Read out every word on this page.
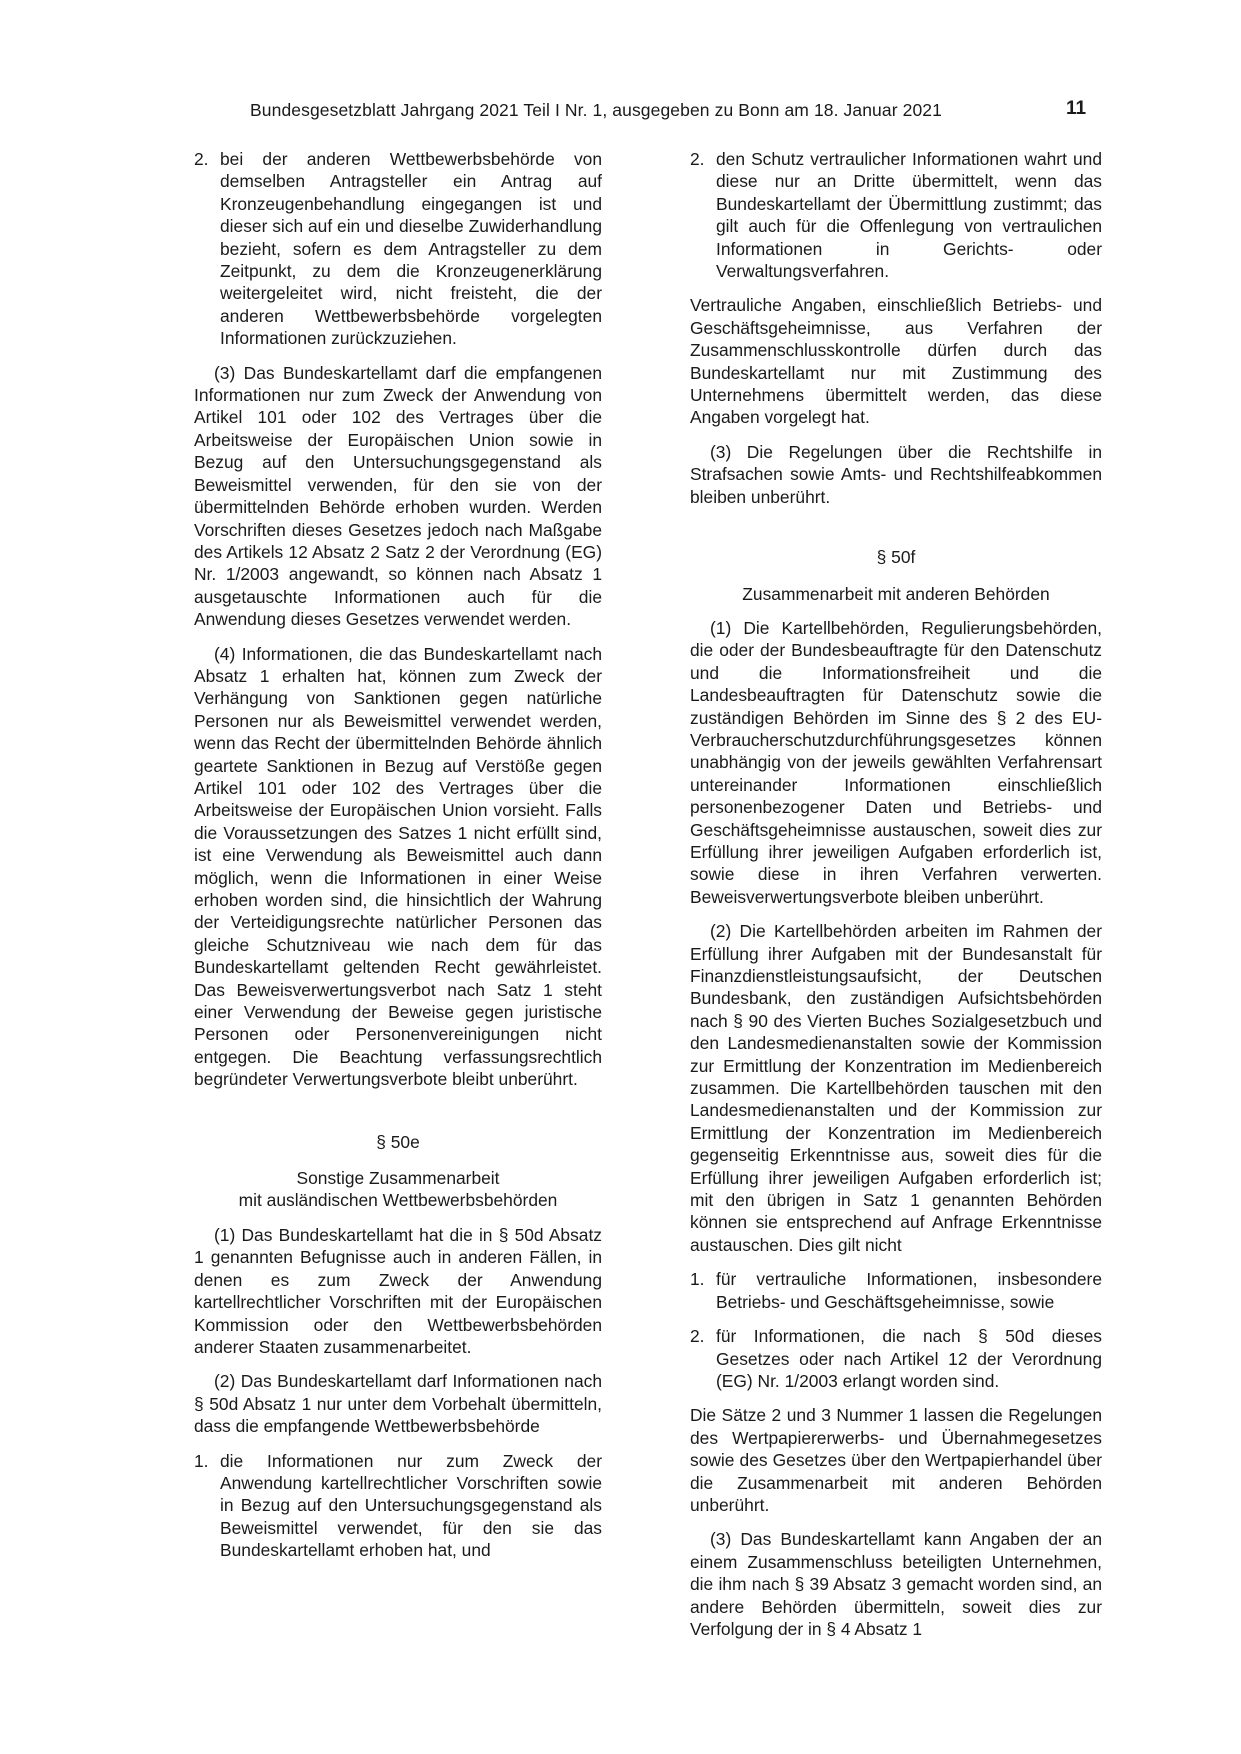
Bundesgesetzblatt Jahrgang 2021 Teil I Nr. 1, ausgegeben zu Bonn am 18. Januar 2021	11
2. bei der anderen Wettbewerbsbehörde von demselben Antragsteller ein Antrag auf Kronzeugenbehandlung eingegangen ist und dieser sich auf ein und dieselbe Zuwiderhandlung bezieht, sofern es dem Antragsteller zu dem Zeitpunkt, zu dem die Kronzeugenerklärung weitergeleitet wird, nicht freisteht, die der anderen Wettbewerbsbehörde vorgelegten Informationen zurückzuziehen.

(3) Das Bundeskartellamt darf die empfangenen Informationen nur zum Zweck der Anwendung von Artikel 101 oder 102 des Vertrages über die Arbeitsweise der Europäischen Union sowie in Bezug auf den Untersuchungsgegenstand als Beweismittel verwenden, für den sie von der übermittelnden Behörde erhoben wurden. Werden Vorschriften dieses Gesetzes jedoch nach Maßgabe des Artikels 12 Absatz 2 Satz 2 der Verordnung (EG) Nr. 1/2003 angewandt, so können nach Absatz 1 ausgetauschte Informationen auch für die Anwendung dieses Gesetzes verwendet werden.

(4) Informationen, die das Bundeskartellamt nach Absatz 1 erhalten hat, können zum Zweck der Verhängung von Sanktionen gegen natürliche Personen nur als Beweismittel verwendet werden, wenn das Recht der übermittelnden Behörde ähnlich geartete Sanktionen in Bezug auf Verstöße gegen Artikel 101 oder 102 des Vertrages über die Arbeitsweise der Europäischen Union vorsieht. Falls die Voraussetzungen des Satzes 1 nicht erfüllt sind, ist eine Verwendung als Beweismittel auch dann möglich, wenn die Informationen in einer Weise erhoben worden sind, die hinsichtlich der Wahrung der Verteidigungsrechte natürlicher Personen das gleiche Schutzniveau wie nach dem für das Bundeskartellamt geltenden Recht gewährleistet. Das Beweisverwertungsverbot nach Satz 1 steht einer Verwendung der Beweise gegen juristische Personen oder Personenvereinigungen nicht entgegen. Die Beachtung verfassungsrechtlich begründeter Verwertungsverbote bleibt unberührt.

§ 50e
Sonstige Zusammenarbeit
mit ausländischen Wettbewerbsbehörden

(1) Das Bundeskartellamt hat die in § 50d Absatz 1 genannten Befugnisse auch in anderen Fällen, in denen es zum Zweck der Anwendung kartellrechtlicher Vorschriften mit der Europäischen Kommission oder den Wettbewerbsbehörden anderer Staaten zusammenarbeitet.

(2) Das Bundeskartellamt darf Informationen nach § 50d Absatz 1 nur unter dem Vorbehalt übermitteln, dass die empfangende Wettbewerbsbehörde

1. die Informationen nur zum Zweck der Anwendung kartellrechtlicher Vorschriften sowie in Bezug auf den Untersuchungsgegenstand als Beweismittel verwendet, für den sie das Bundeskartellamt erhoben hat, und
2. den Schutz vertraulicher Informationen wahrt und diese nur an Dritte übermittelt, wenn das Bundeskartellamt der Übermittlung zustimmt; das gilt auch für die Offenlegung von vertraulichen Informationen in Gerichts- oder Verwaltungsverfahren.

Vertrauliche Angaben, einschließlich Betriebs- und Geschäftsgeheimnisse, aus Verfahren der Zusammenschlusskontrolle dürfen durch das Bundeskartellamt nur mit Zustimmung des Unternehmens übermittelt werden, das diese Angaben vorgelegt hat.

(3) Die Regelungen über die Rechtshilfe in Strafsachen sowie Amts- und Rechtshilfeabkommen bleiben unberührt.

§ 50f
Zusammenarbeit mit anderen Behörden

(1) Die Kartellbehörden, Regulierungsbehörden, die oder der Bundesbeauftragte für den Datenschutz und die Informationsfreiheit und die Landesbeauftragten für Datenschutz sowie die zuständigen Behörden im Sinne des § 2 des EU-Verbraucherschutzdurchführungsgesetzes können unabhängig von der jeweils gewählten Verfahrensart untereinander Informationen einschließlich personenbezogener Daten und Betriebs- und Geschäftsgeheimnisse austauschen, soweit dies zur Erfüllung ihrer jeweiligen Aufgaben erforderlich ist, sowie diese in ihren Verfahren verwerten. Beweisverwertungsverbote bleiben unberührt.

(2) Die Kartellbehörden arbeiten im Rahmen der Erfüllung ihrer Aufgaben mit der Bundesanstalt für Finanzdienstleistungsaufsicht, der Deutschen Bundesbank, den zuständigen Aufsichtsbehörden nach § 90 des Vierten Buches Sozialgesetzbuch und den Landesmedienanstalten sowie der Kommission zur Ermittlung der Konzentration im Medienbereich zusammen. Die Kartellbehörden tauschen mit den Landesmedienanstalten und der Kommission zur Ermittlung der Konzentration im Medienbereich gegenseitig Erkenntnisse aus, soweit dies für die Erfüllung ihrer jeweiligen Aufgaben erforderlich ist; mit den übrigen in Satz 1 genannten Behörden können sie entsprechend auf Anfrage Erkenntnisse austauschen. Dies gilt nicht

1. für vertrauliche Informationen, insbesondere Betriebs- und Geschäftsgeheimnisse, sowie
2. für Informationen, die nach § 50d dieses Gesetzes oder nach Artikel 12 der Verordnung (EG) Nr. 1/2003 erlangt worden sind.

Die Sätze 2 und 3 Nummer 1 lassen die Regelungen des Wertpapiererwerbs- und Übernahmegesetzes sowie des Gesetzes über den Wertpapierhandel über die Zusammenarbeit mit anderen Behörden unberührt.

(3) Das Bundeskartellamt kann Angaben der an einem Zusammenschluss beteiligten Unternehmen, die ihm nach § 39 Absatz 3 gemacht worden sind, an andere Behörden übermitteln, soweit dies zur Verfolgung der in § 4 Absatz 1
